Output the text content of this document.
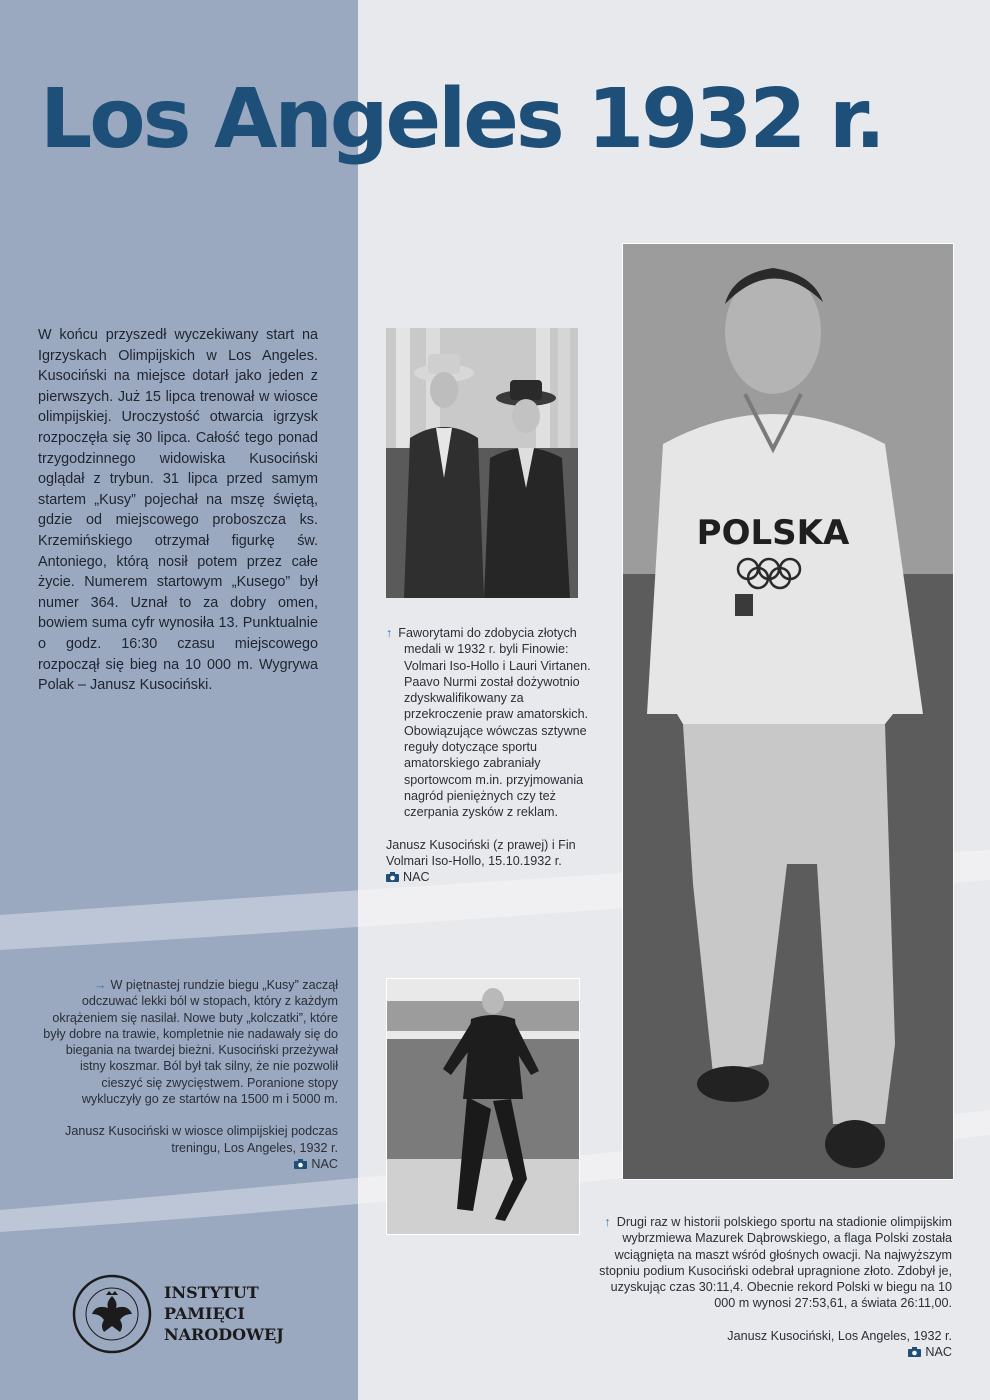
Los Angeles 1932 r.

W końcu przyszedł wyczekiwany start na Igrzyskach Olimpijskich w Los Angeles. Kusociński na miejsce dotarł jako jeden z pierwszych. Już 15 lipca trenował w wiosce olimpijskiej. Uroczystość otwarcia igrzysk rozpoczęła się 30 lipca. Całość tego ponad trzygodzinnego widowiska Kusociński oglądał z trybun. 31 lipca przed samym startem „Kusy” pojechał na mszę świętą, gdzie od miejscowego proboszcza ks. Krzemińskiego otrzymał figurkę św. Antoniego, którą nosił potem przez całe życie. Numerem startowym „Kusego” był numer 364. Uznał to za dobry omen, bowiem suma cyfr wynosiła 13. Punktualnie o godz. 16:30 czasu miejscowego rozpoczął się bieg na 10 000 m. Wygrywa Polak – Janusz Kusociński.

POLSKA

↑ Faworytami do zdobycia złotych medali w 1932 r. byli Finowie: Volmari Iso-Hollo i Lauri Virtanen. Paavo Nurmi został dożywotnio zdyskwalifikowany za przekroczenie praw amatorskich. Obowiązujące wówczas sztywne reguły dotyczące sportu amatorskiego zabraniały sportowcom m.in. przyjmowania nagród pieniężnych czy też czerpania zysków z reklam.

Janusz Kusociński (z prawej) i Fin Volmari Iso-Hollo, 15.10.1932 r.

NAC

→ W piętnastej rundzie biegu „Kusy” zaczął odczuwać lekki ból w stopach, który z każdym okrążeniem się nasilał. Nowe buty „kolczatki”, które były dobre na trawie, kompletnie nie nadawały się do biegania na twardej bieżni. Kusociński przeżywał istny koszmar. Ból był tak silny, że nie pozwolił cieszyć się zwycięstwem. Poranione stopy wykluczyły go ze startów na 1500 m i 5000 m.

Janusz Kusociński w wiosce olimpijskiej podczas treningu, Los Angeles, 1932 r.

NAC

↑ Drugi raz w historii polskiego sportu na stadionie olimpijskim wybrzmiewa Mazurek Dąbrowskiego, a flaga Polski została wciągnięta na maszt wśród głośnych owacji. Na najwyższym stopniu podium Kusociński odebrał upragnione złoto. Zdobył je, uzyskując czas 30:11,4. Obecnie rekord Polski w biegu na 10 000 m wynosi 27:53,61, a świata 26:11,00.

Janusz Kusociński, Los Angeles, 1932 r.

NAC

INSTYTUT
PAMIĘCI
NARODOWEJ
